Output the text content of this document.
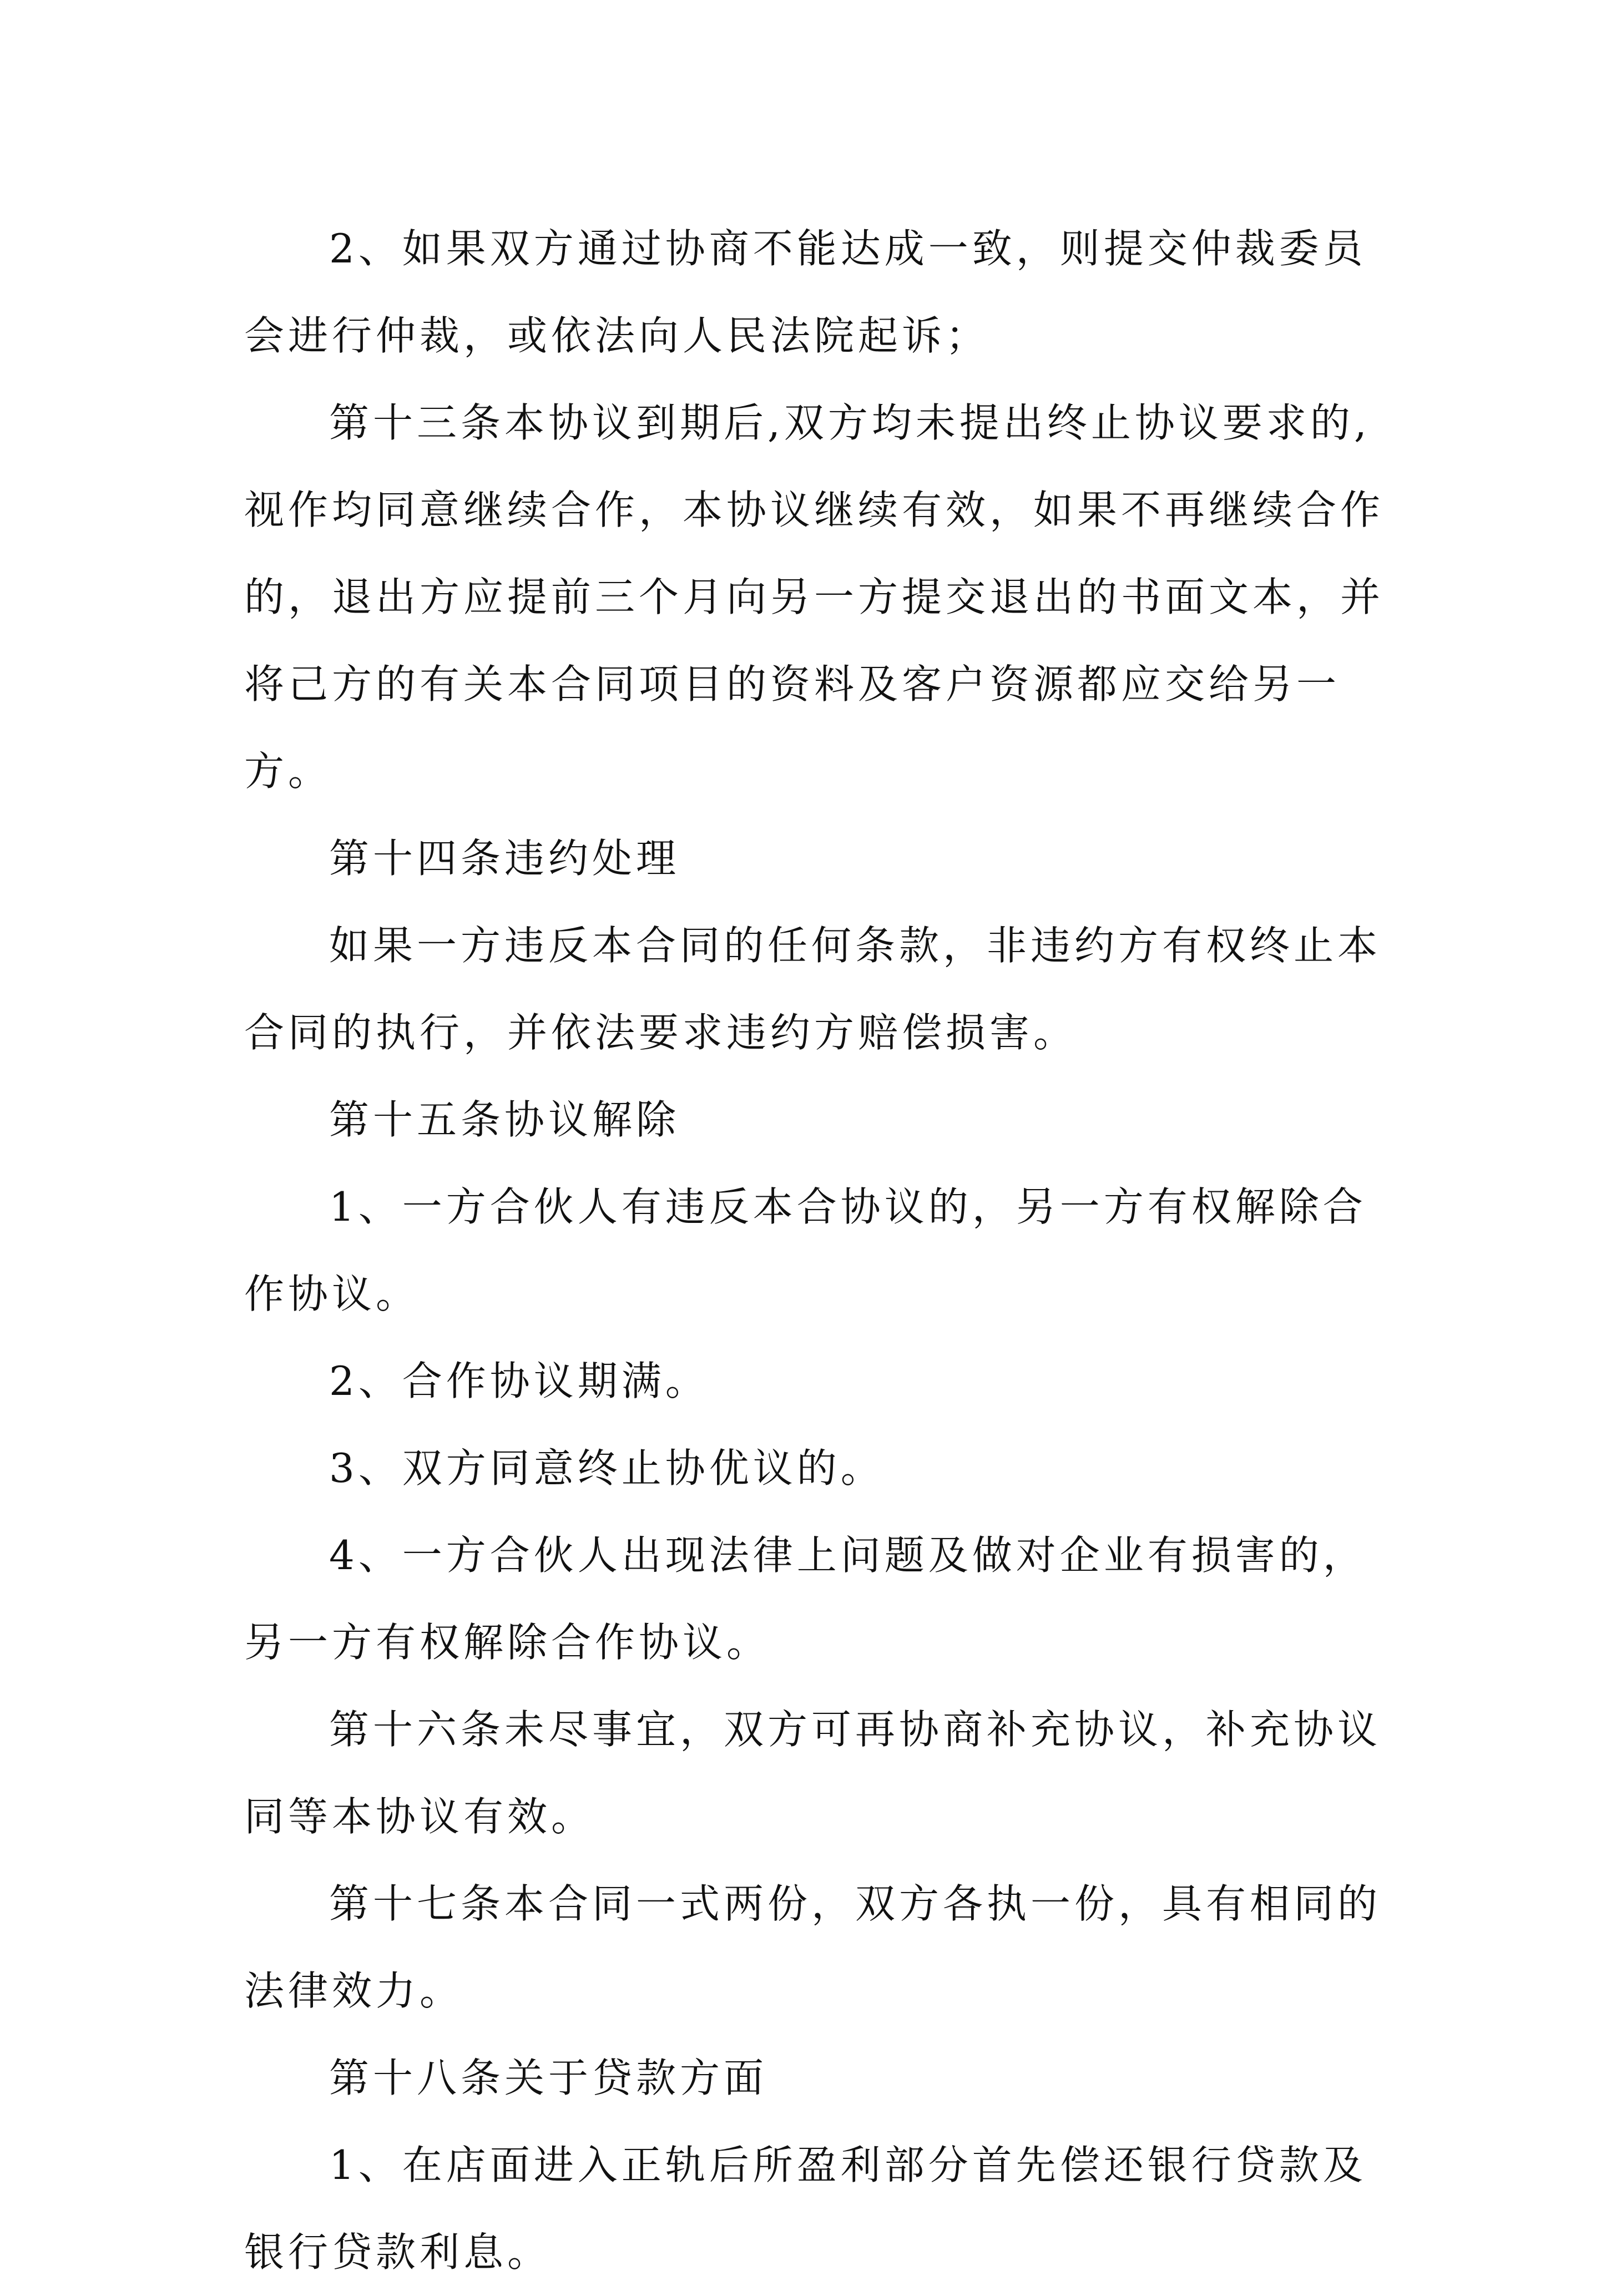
2、如果双方通过协商不能达成一致，则提交仲裁委员
会进行仲裁，或依法向人民法院起诉；
第十三条本协议到期后,双方均未提出终止协议要求的,
视作均同意继续合作，本协议继续有效，如果不再继续合作
的，退出方应提前三个月向另一方提交退出的书面文本，并
将己方的有关本合同项目的资料及客户资源都应交给另一
方。
第十四条违约处理
如果一方违反本合同的任何条款，非违约方有权终止本
合同的执行，并依法要求违约方赔偿损害。
第十五条协议解除
1、一方合伙人有违反本合协议的，另一方有权解除合
作协议。
2、合作协议期满。
3、双方同意终止协优议的。
4、一方合伙人出现法律上问题及做对企业有损害的，
另一方有权解除合作协议。
第十六条未尽事宜，双方可再协商补充协议，补充协议
同等本协议有效。
第十七条本合同一式两份，双方各执一份，具有相同的
法律效力。
第十八条关于贷款方面
1、在店面进入正轨后所盈利部分首先偿还银行贷款及
银行贷款利息。
